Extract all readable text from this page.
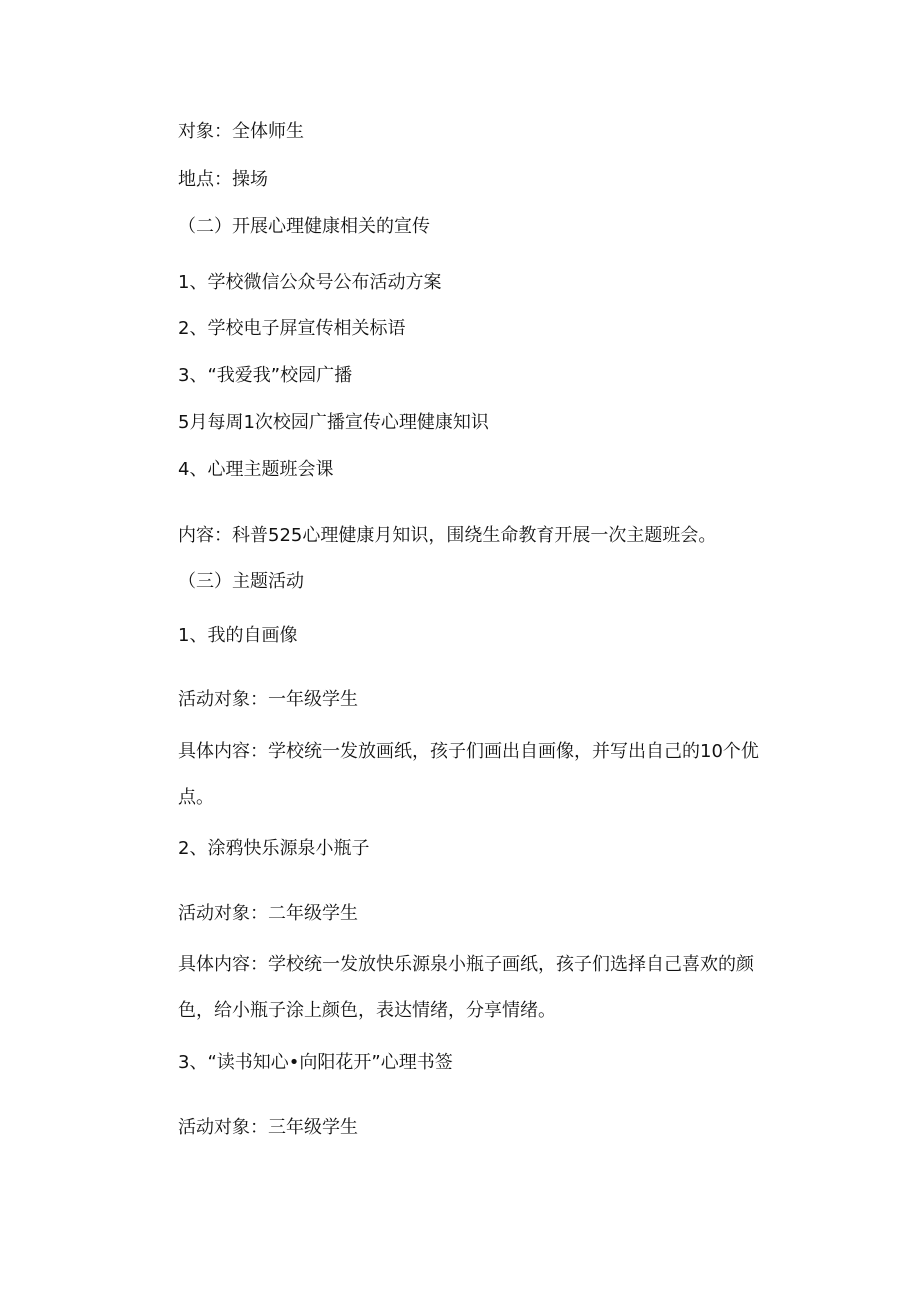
对象：全体师生
地点：操场
（二）开展心理健康相关的宣传
1、学校微信公众号公布活动方案
2、学校电子屏宣传相关标语
3、“我爱我”校园广播
5月每周1次校园广播宣传心理健康知识
4、心理主题班会课
内容：科普525心理健康月知识，围绕生命教育开展一次主题班会。
（三）主题活动
1、我的自画像
活动对象：一年级学生
具体内容：学校统一发放画纸，孩子们画出自画像，并写出自己的10个优点。
2、涂鸦快乐源泉小瓶子
活动对象：二年级学生
具体内容：学校统一发放快乐源泉小瓶子画纸，孩子们选择自己喜欢的颜色，给小瓶子涂上颜色，表达情绪，分享情绪。
3、“读书知心•向阳花开”心理书签
活动对象：三年级学生
